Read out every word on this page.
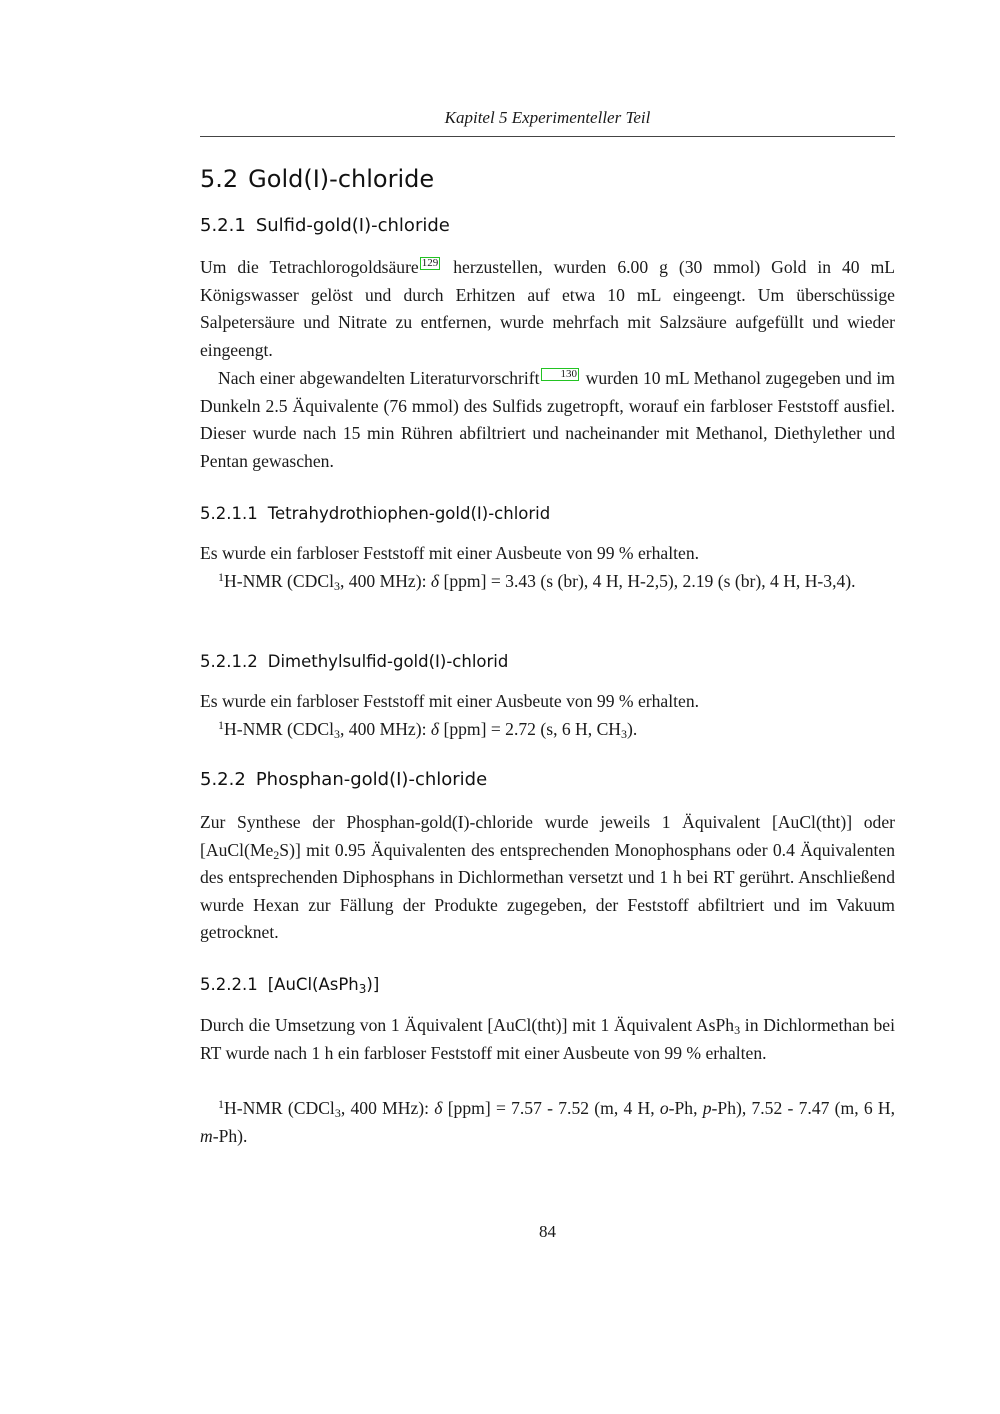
Kapitel 5 Experimenteller Teil
5.2 Gold(I)-chloride
5.2.1 Sulfid-gold(I)-chloride

Um die Tetrachlorogoldsäure 129 herzustellen, wurden 6.00 g (30 mmol) Gold in 40 mL Königswasser gelöst und durch Erhitzen auf etwa 10 mL eingeengt. Um überschüssige Salpetersäure und Nitrate zu entfernen, wurde mehrfach mit Salzsäure aufgefüllt und wieder eingeengt.

Nach einer abgewandelten Literaturvorschrift 130 wurden 10 mL Methanol zugegeben und im Dunkeln 2.5 Äquivalente (76 mmol) des Sulfids zugetropft, worauf ein farbloser Feststoff ausfiel. Dieser wurde nach 15 min Rühren abfiltriert und nacheinander mit Methanol, Diethylether und Pentan gewaschen.

5.2.1.1 Tetrahydrothiophen-gold(I)-chlorid

Es wurde ein farbloser Feststoff mit einer Ausbeute von 99 % erhalten.

$^1$H-NMR (CDCl$_3$, 400 MHz): δ [ppm] = 3.43 (s (br), 4 H, H-2,5), 2.19 (s (br), 4 H, H-3,4).

5.2.1.2 Dimethylsulfid-gold(I)-chlorid

Es wurde ein farbloser Feststoff mit einer Ausbeute von 99 % erhalten.

$^1$H-NMR (CDCl$_3$, 400 MHz): δ [ppm] = 2.72 (s, 6 H, $CH_3$).

5.2.2 Phosphan-gold(I)-chloride

Zur Synthese der Phosphan-gold(I)-chloride wurde jeweils 1 Äquivalent [AuCl(tht)] oder $[AuCl(Me_2S)]$ mit 0.95 Äquivalenten des entsprechenden Monophosphans oder 0.4 Äquivalenten des entsprechenden Diphosphans in Dichlormethan versetzt und 1 h bei RT gerührt. Anschließend wurde Hexan zur Fällung der Produkte zugegeben, der Feststoff abfiltriert und im Vakuum getrocknet.

5.2.2.1 [AuCl(AsPh$_3$)]

Durch die Umsetzung von 1 Äquivalent [AuCl(tht)] mit 1 Äquivalent AsPh$_3$ in Dichlormethan bei RT wurde nach 1 h ein farbloser Feststoff mit einer Ausbeute von 99 % erhalten.

$^1$H-NMR (CDCl$_3$, 400 MHz): δ [ppm] = 7.57 - 7.52 (m, 4 H, o-Ph, p-Ph), 7.52 - 7.47 (m, 6 H, m-Ph).

84
